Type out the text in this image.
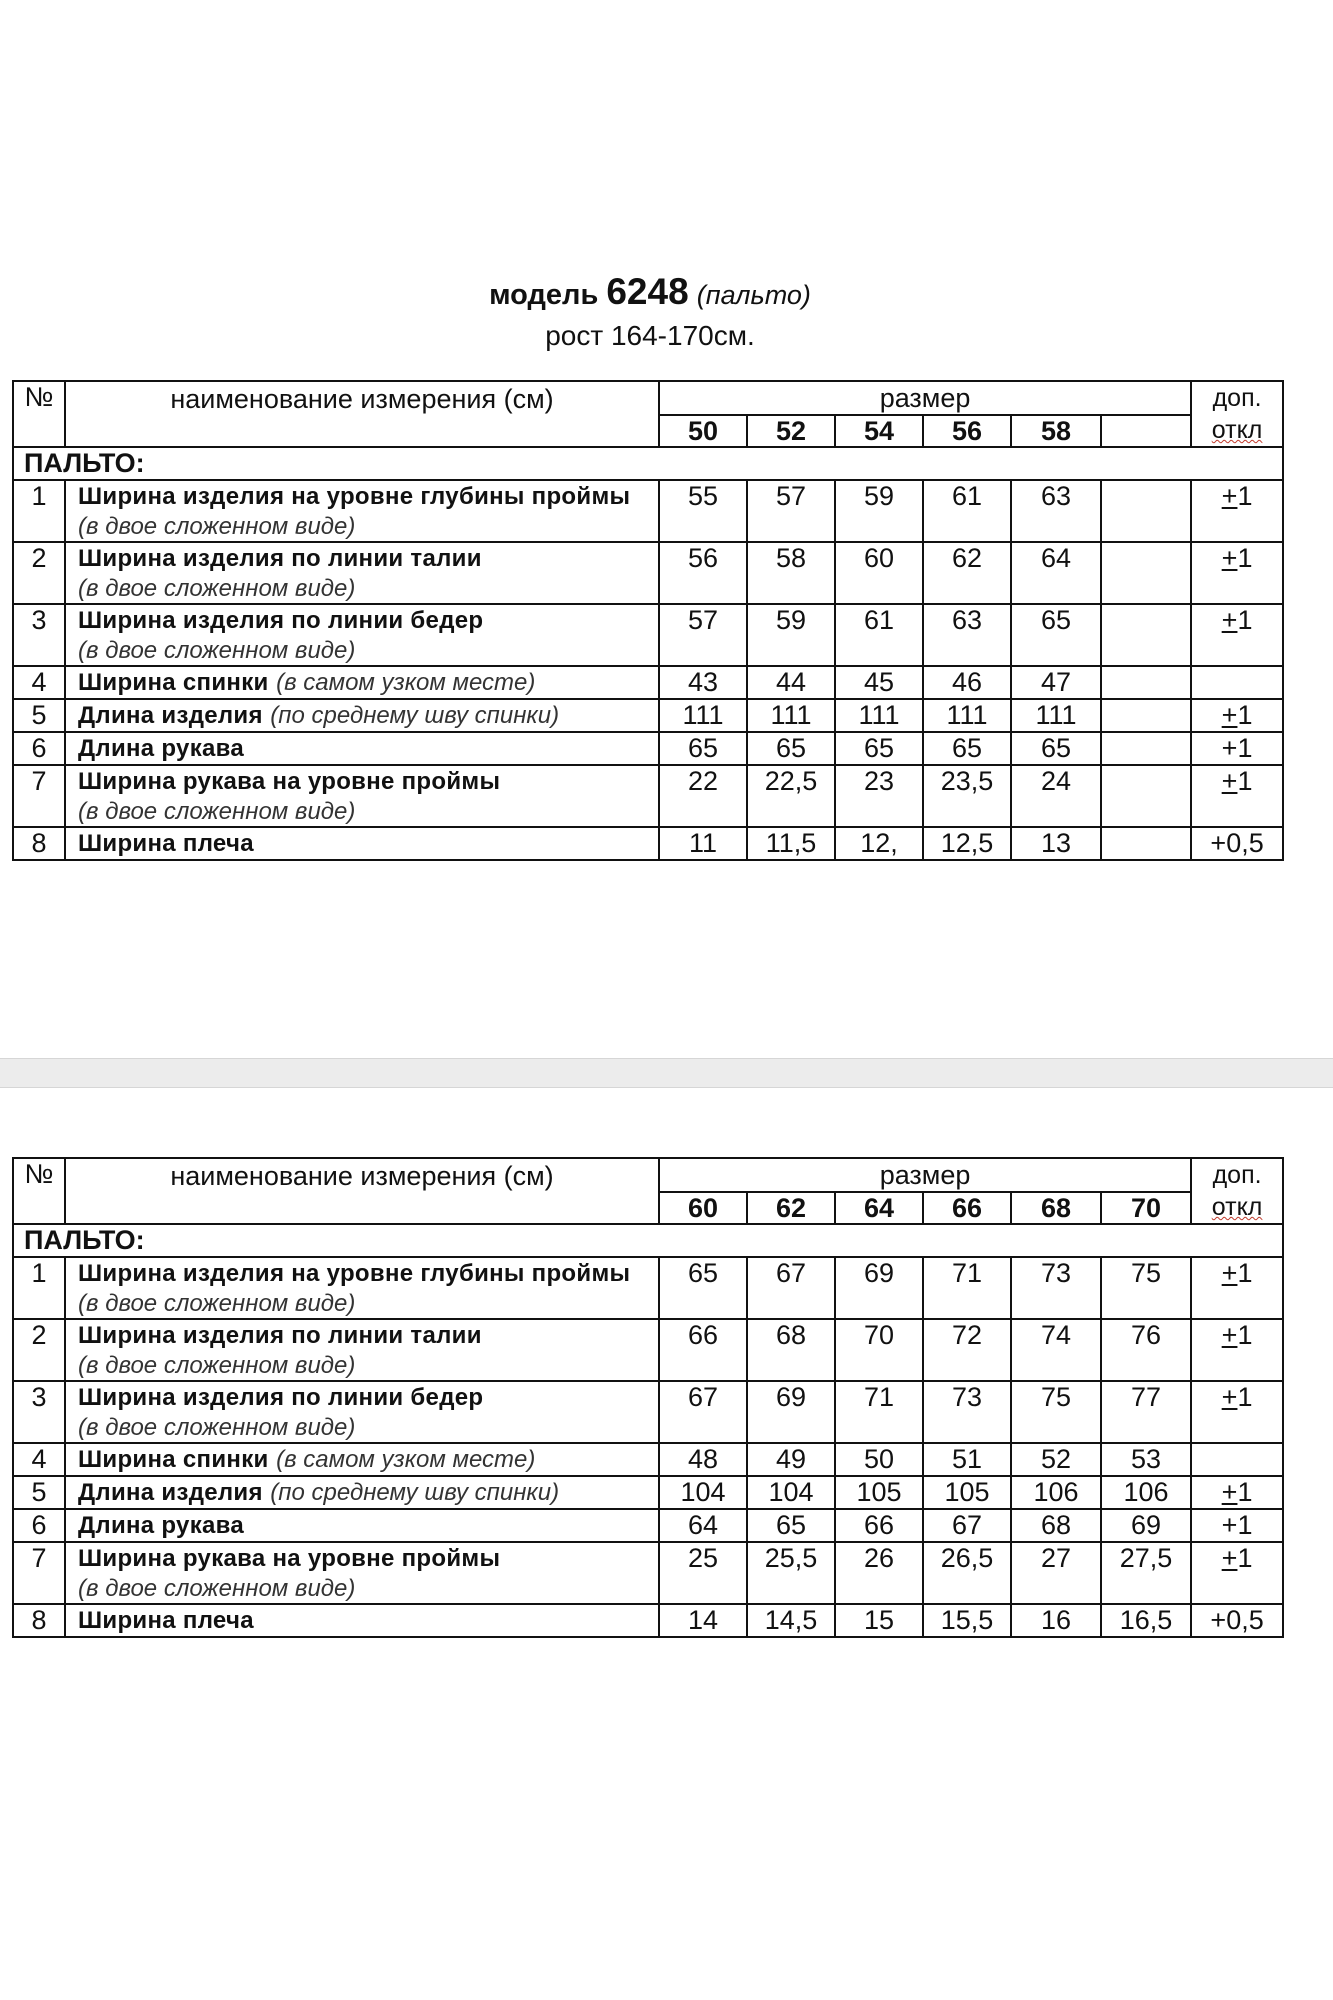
модель 6248 (пальто)
рост 164-170см.
№	наименование измерения (см)	размер						доп.
откл

		50	52	54	56	58		
ПАЛЬТО:								
1	Ширина изделия на уровне глубины проймы
(в двое сложенном виде)	55	57	59	61	63		+1
2	Ширина изделия по линии талии
(в двое сложенном виде)	56	58	60	62	64		+1
3	Ширина изделия по линии бедер
(в двое сложенном виде)	57	59	61	63	65		+1
4	Ширина спинки (в самом узком месте)	43	44	45	46	47		
5	Длина изделия (по среднему шву спинки)	111	111	111	111	111		+1
6	Длина рукава	65	65	65	65	65		+1
7	Ширина рукава на уровне проймы
(в двое сложенном виде)	22	22,5	23	23,5	24		+1
8	Ширина плеча	11	11,5	12,	12,5	13		+0,5
№	наименование измерения (см)	размер						доп.
откл

		60	62	64	66	68	70	
ПАЛЬТО:								
1	Ширина изделия на уровне глубины проймы
(в двое сложенном виде)	65	67	69	71	73	75	+1
2	Ширина изделия по линии талии
(в двое сложенном виде)	66	68	70	72	74	76	+1
3	Ширина изделия по линии бедер
(в двое сложенном виде)	67	69	71	73	75	77	+1
4	Ширина спинки (в самом узком месте)	48	49	50	51	52	53	
5	Длина изделия (по среднему шву спинки)	104	104	105	105	106	106	+1
6	Длина рукава	64	65	66	67	68	69	+1
7	Ширина рукава на уровне проймы
(в двое сложенном виде)	25	25,5	26	26,5	27	27,5	+1
8	Ширина плеча	14	14,5	15	15,5	16	16,5	+0,5
